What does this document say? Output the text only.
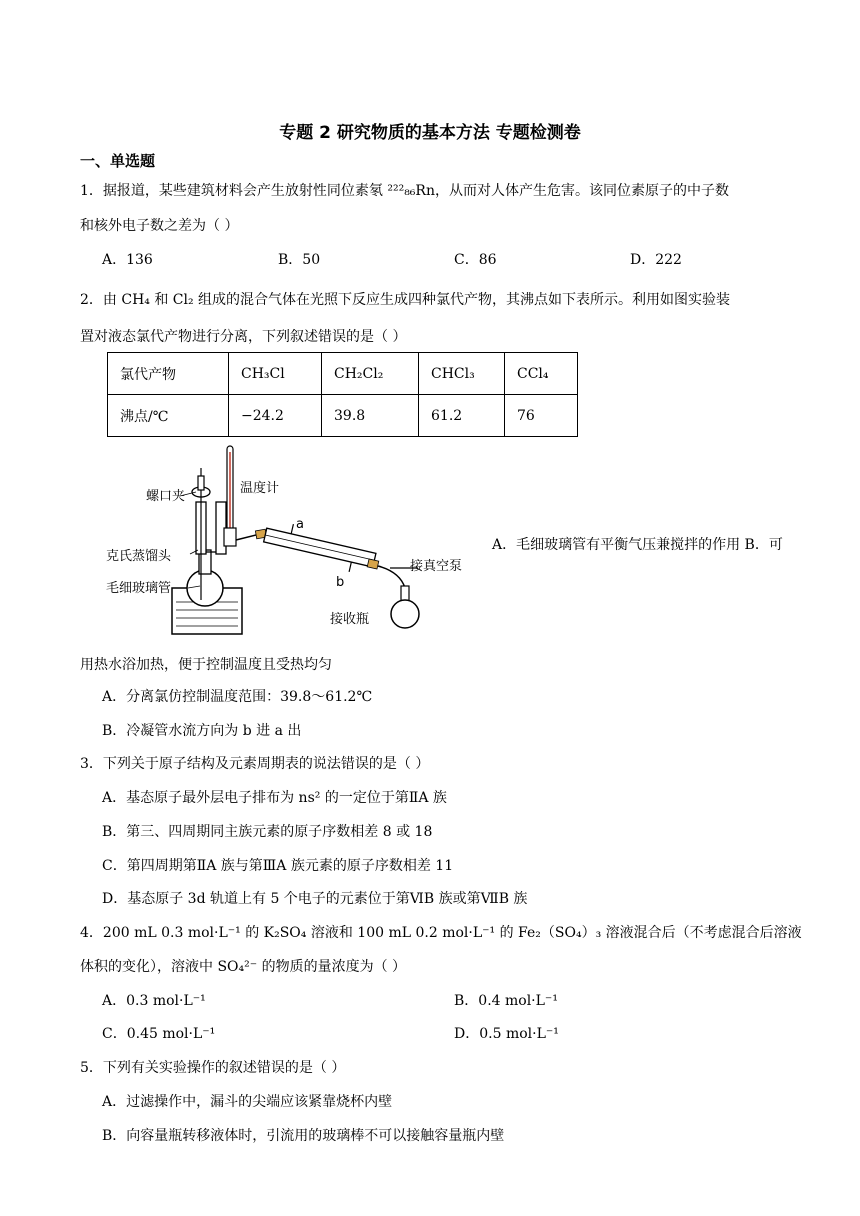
专题 2 研究物质的基本方法 专题检测卷
一、单选题
1．据报道，某些建筑材料会产生放射性同位素氡 ²²²₈₆Rn，从而对人体产生危害。该同位素原子的中子数
和核外电子数之差为（ ）
A．136	B．50	C．86	D．222
2．由 CH₄ 和 Cl₂ 组成的混合气体在光照下反应生成四种氯代产物，其沸点如下表所示。利用如图实验装
置对液态氯代产物进行分离，下列叙述错误的是（ ）
氯代产物	CH₃Cl	CH₂Cl₂	CHCl₃	CCl₄
沸点/℃	−24.2	39.8	61.2	76
螺口夹
温度计
克氏蒸馏头
毛细玻璃管
a
b
接真空泵
接收瓶
A．毛细玻璃管有平衡气压兼搅拌的作用 B．可
用热水浴加热，便于控制温度且受热均匀
A．分离氯仿控制温度范围：39.8～61.2℃
B．冷凝管水流方向为 b 进 a 出
3．下列关于原子结构及元素周期表的说法错误的是（ ）
A．基态原子最外层电子排布为 ns² 的一定位于第ⅡA 族
B．第三、四周期同主族元素的原子序数相差 8 或 18
C．第四周期第ⅡA 族与第ⅢA 族元素的原子序数相差 11
D．基态原子 3d 轨道上有 5 个电子的元素位于第ⅥB 族或第ⅦB 族
4．200 mL 0.3 mol·L⁻¹ 的 K₂SO₄ 溶液和 100 mL 0.2 mol·L⁻¹ 的 Fe₂（SO₄）₃ 溶液混合后（不考虑混合后溶液
体积的变化），溶液中 SO₄²⁻ 的物质的量浓度为（ ）
A．0.3 mol·L⁻¹	B．0.4 mol·L⁻¹
C．0.45 mol·L⁻¹	D．0.5 mol·L⁻¹
5．下列有关实验操作的叙述错误的是（ ）
A．过滤操作中，漏斗的尖端应该紧靠烧杯内壁
B．向容量瓶转移液体时，引流用的玻璃棒不可以接触容量瓶内壁
